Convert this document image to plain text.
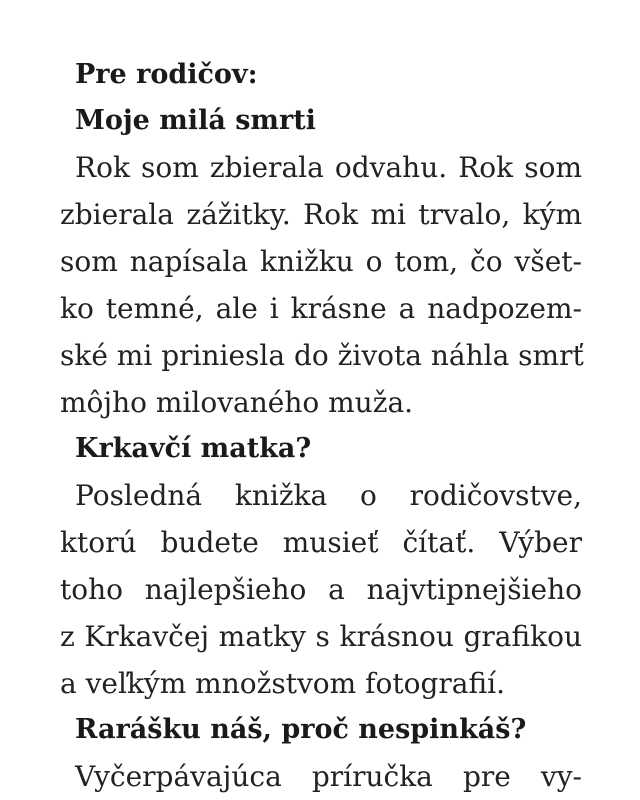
Pre rodičov:
Moje milá smrti
Rok som zbierala odvahu. Rok som
zbierala zážitky. Rok mi trvalo, kým
som napísala knižku o tom, čo všet-
ko temné, ale i krásne a nadpozem-
ské mi priniesla do života náhla smrť
môjho milovaného muža.
Krkavčí matka?
Posledná knižka o rodičovstve,
ktorú budete musieť čítať. Výber
toho najlepšieho a najvtipnejšieho
z Krkavčej matky s krásnou grafikou
a veľkým množstvom fotografií.
Rarášku náš, proč nespinkáš?
Vyčerpávajúca príručka pre vy-
